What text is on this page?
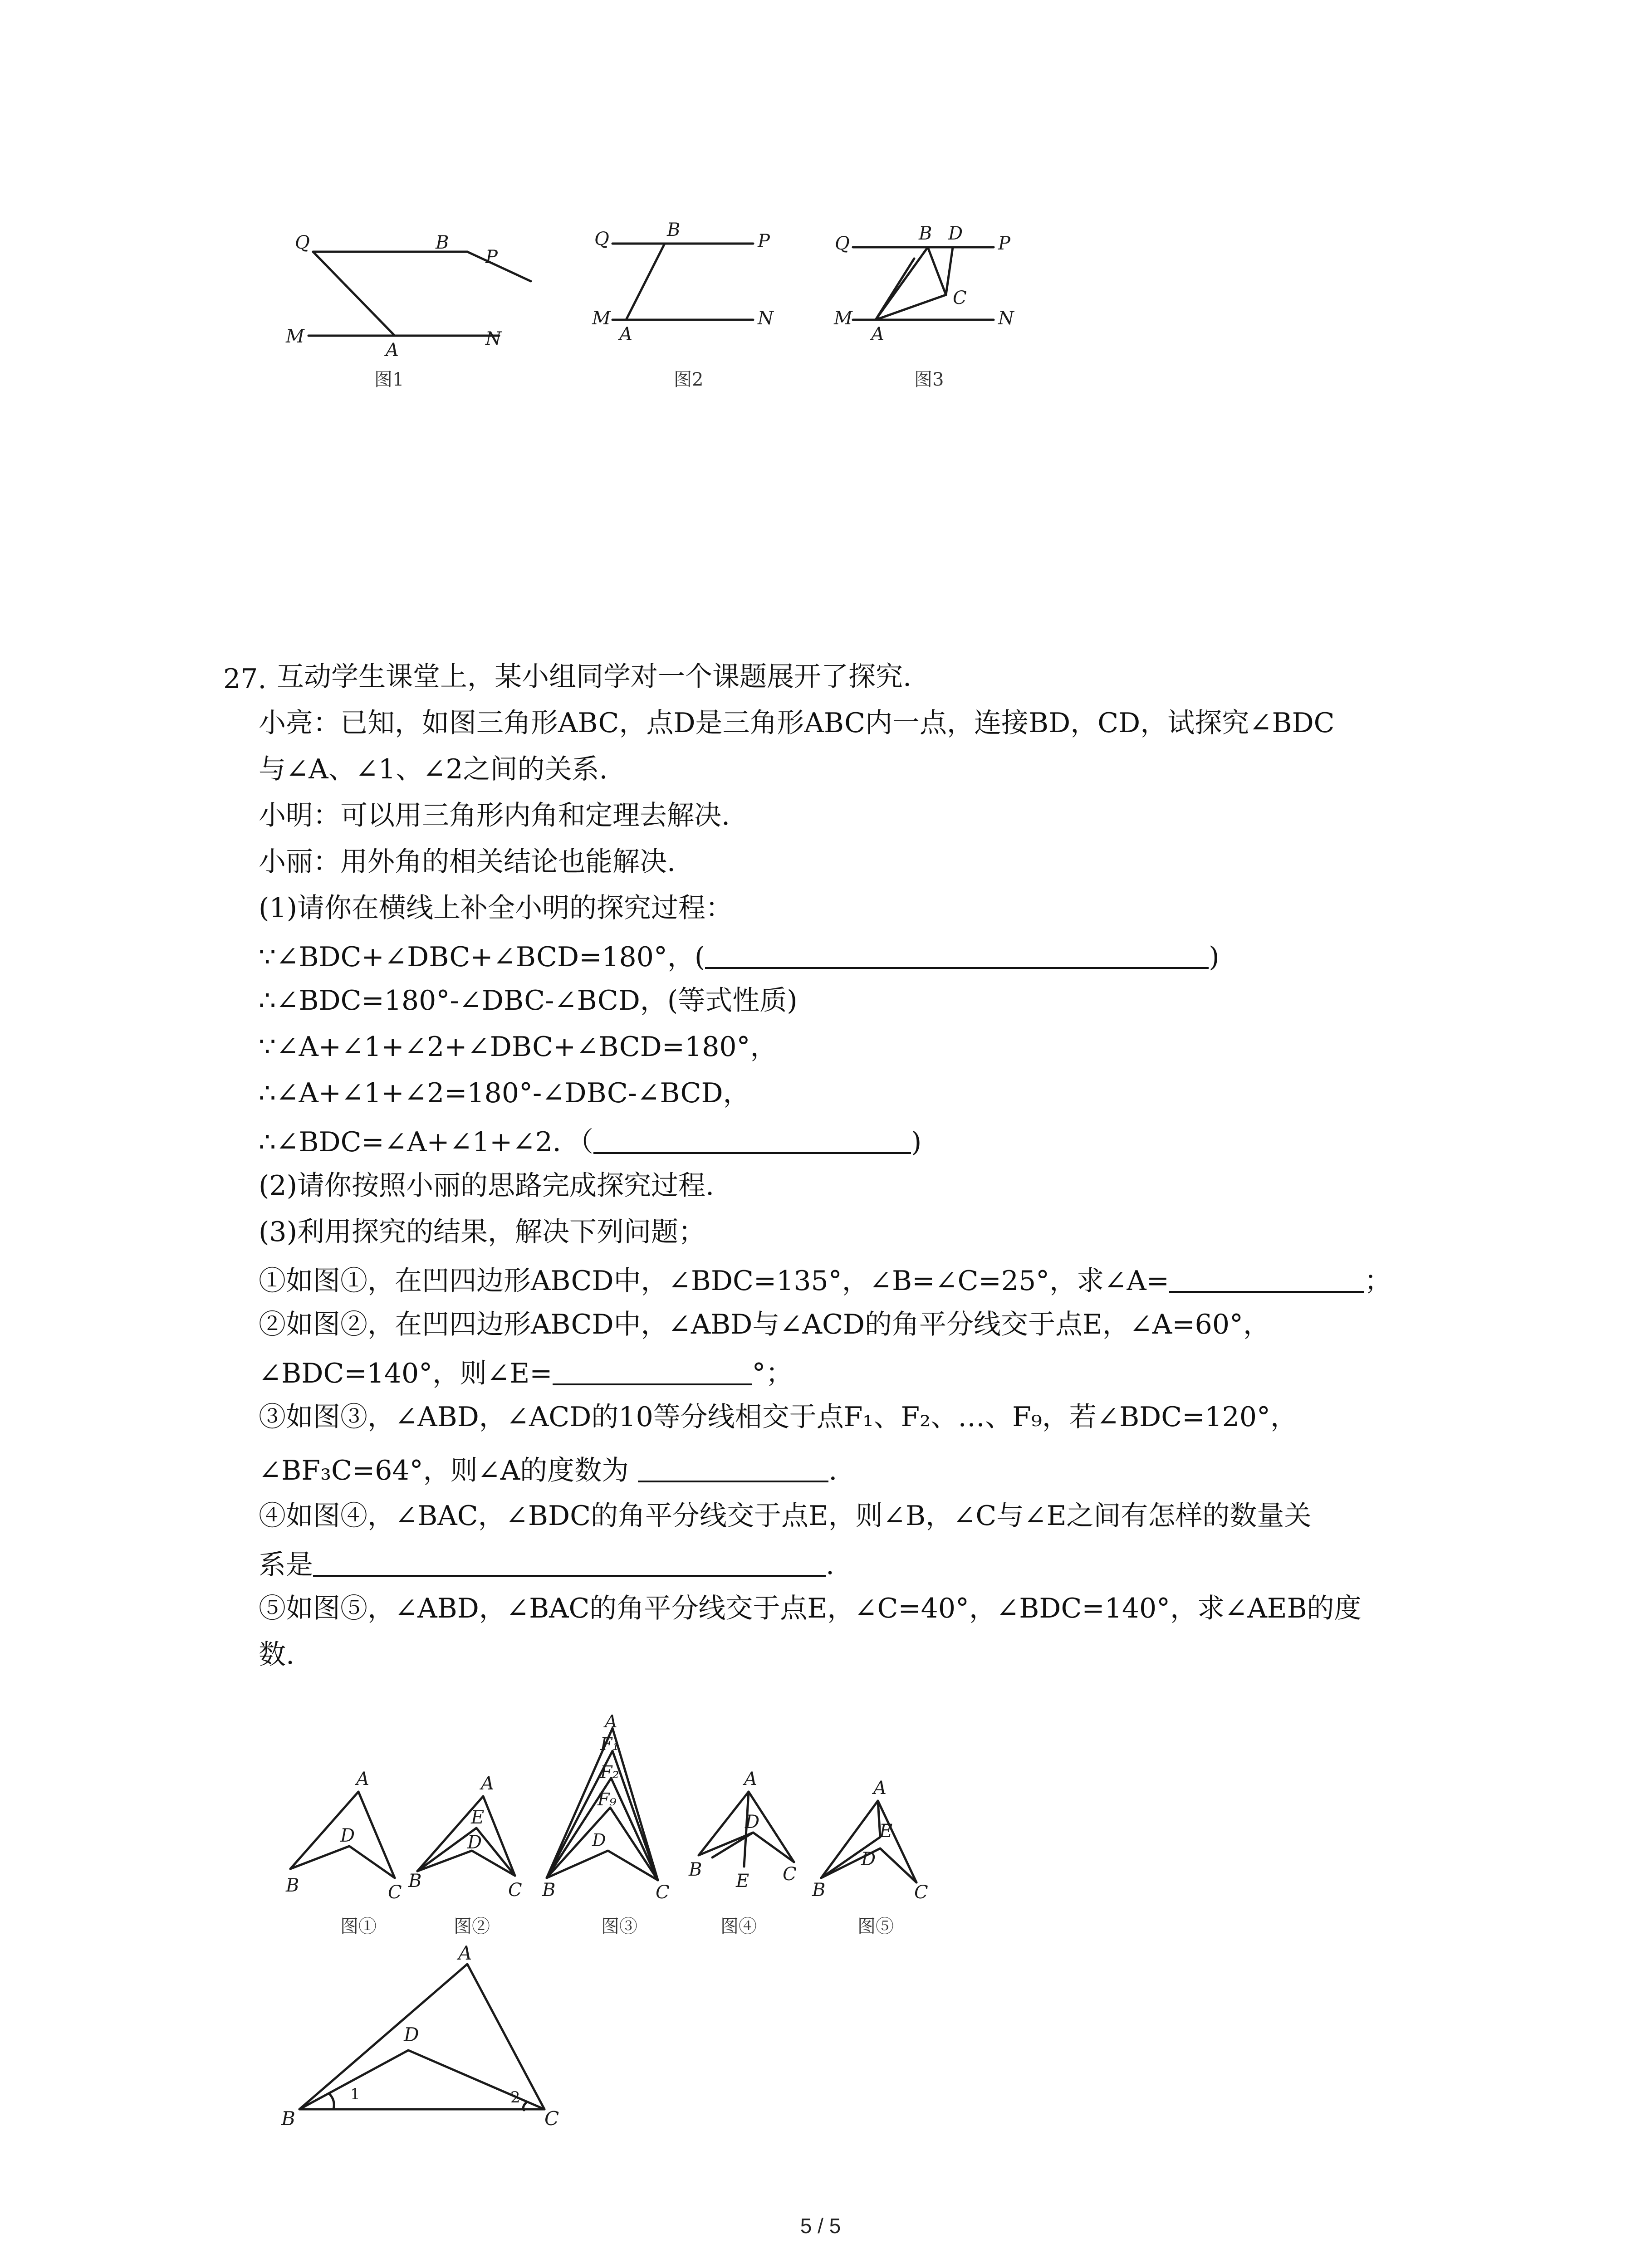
Q	B
P
M
A
N
图1
Q	B
P
M
A
N
图2
Q	B D P
C
M
A
N
图3
27. 互动学生课堂上，某小组同学对一个课题展开了探究.
小亮：已知，如图三角形ABC，点D是三角形ABC内一点，连接BD，CD，试探究∠BDC
与∠A、∠1、∠2之间的关系.
小明：可以用三角形内角和定理去解决.
小丽：用外角的相关结论也能解决.
(1)请你在横线上补全小明的探究过程：
∵∠BDC+∠DBC+∠BCD=180°，(	)
∴∠BDC=180°-∠DBC-∠BCD，(等式性质)
∵∠A+∠1+∠2+∠DBC+∠BCD=180°，
∴∠A+∠1+∠2=180°-∠DBC-∠BCD，
∴∠BDC=∠A+∠1+∠2．（	)
(2)请你按照小丽的思路完成探究过程.
(3)利用探究的结果，解决下列问题；
①如图①，在凹四边形ABCD中，∠BDC=135°，∠B=∠C=25°，求∠A=	；
②如图②，在凹四边形ABCD中，∠ABD与∠ACD的角平分线交于点E，∠A=60°，
∠BDC=140°，则∠E=	°；
③如图③，∠ABD，∠ACD的10等分线相交于点F₁、F₂、…、F₉，若∠BDC=120°，
∠BF₃C=64°，则∠A的度数为	.
④如图④，∠BAC，∠BDC的角平分线交于点E，则∠B，∠C与∠E之间有怎样的数量关
系是	.
⑤如图⑤，∠ABD，∠BAC的角平分线交于点E，∠C=40°，∠BDC=140°，求∠AEB的度
数.
A
D
B	C
图①
A
E
D
B	C
图②
A
F₁
F₂
F₉
D
B	C
图③
A
D
B
E C
图④
A
E
D
B	C
图⑤
A
D
B	C
1	2
5 / 5
